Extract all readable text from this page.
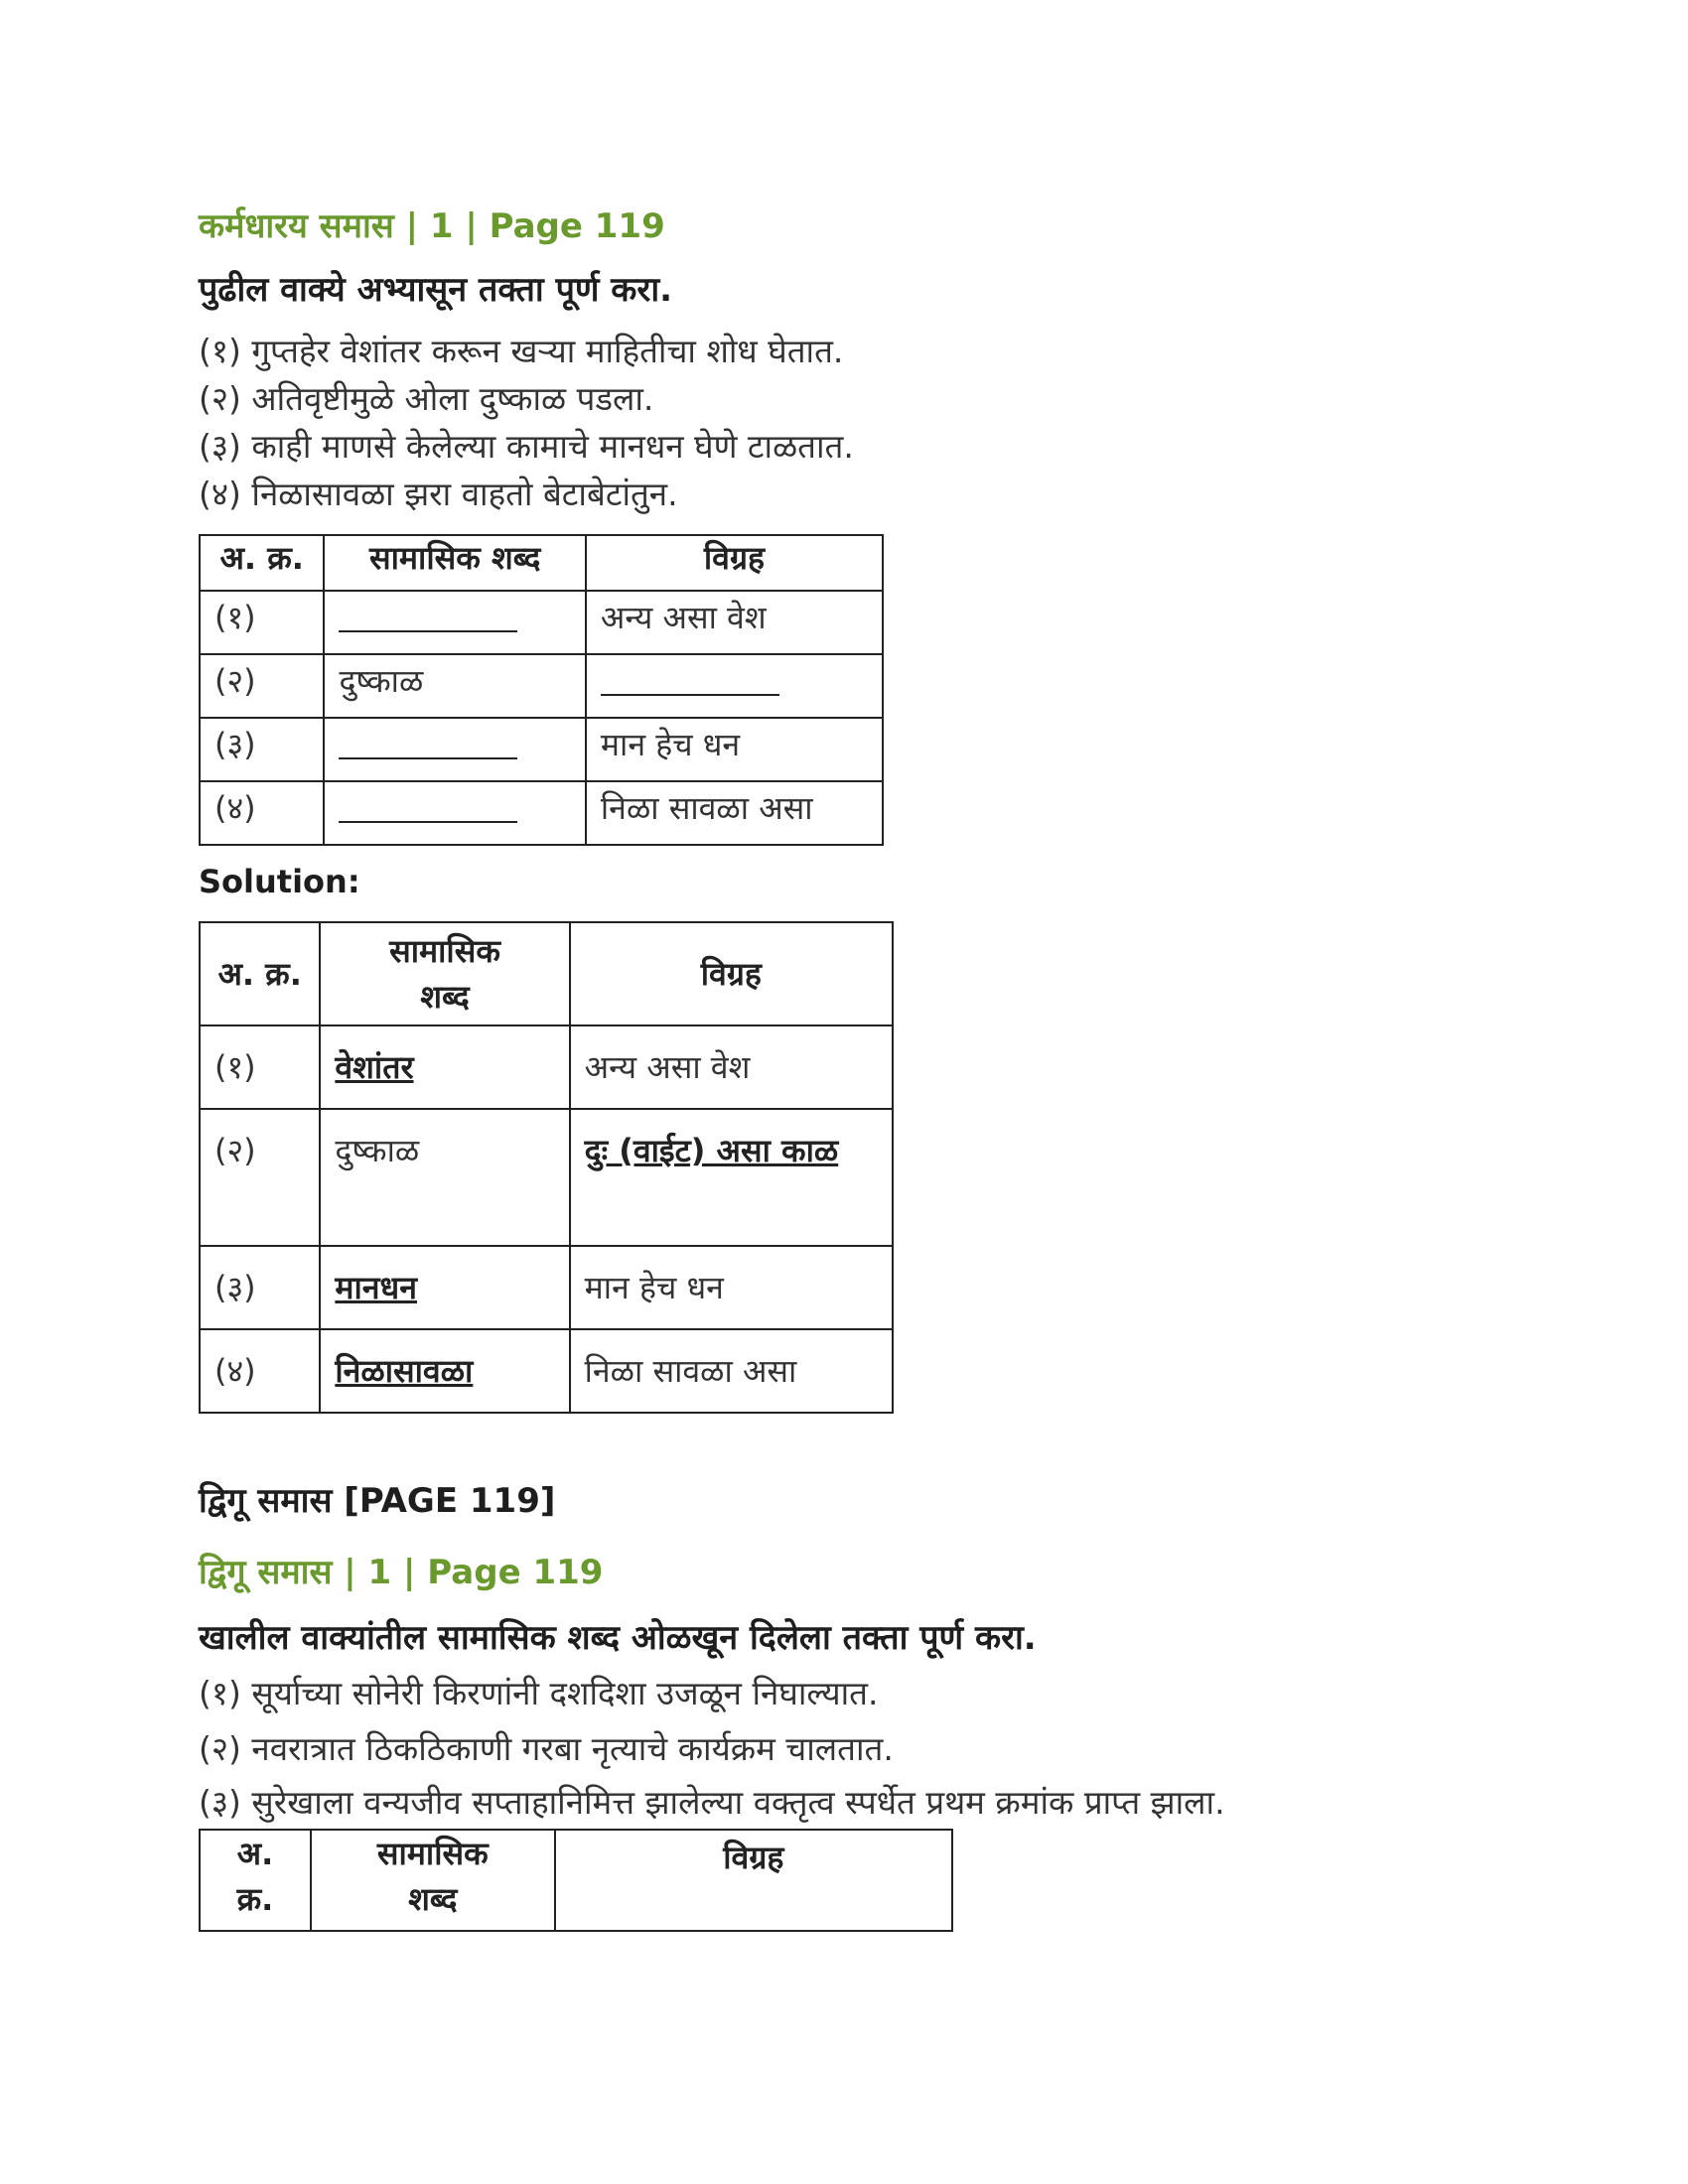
कर्मधारय समास | 1 | Page 119

पुढील वाक्ये अभ्यासून तक्ता पूर्ण करा.

(१) गुप्तहेर वेशांतर करून खऱ्या माहितीचा शोध घेतात.

(२) अतिवृष्टीमुळे ओला दुष्काळ पडला.

(३) काही माणसे केलेल्या कामाचे मानधन घेणे टाळतात.

(४) निळासावळा झरा वाहतो बेटाबेटांतुन.

अ. क्र.	सामासिक शब्द	विग्रह
(१)		अन्य असा वेश
(२)	दुष्काळ	
(३)		मान हेच धन
(४)		निळा सावळा असा

Solution:

अ. क्र.	सामासिक शब्द	विग्रह
(१)	वेशांतर	अन्य असा वेश
(२)	दुष्काळ	दुः (वाईट) असा काळ
(३)	मानधन	मान हेच धन
(४)	निळासावळा	निळा सावळा असा

द्विगू समास [PAGE 119]

द्विगू समास | 1 | Page 119

खालील वाक्यांतील सामासिक शब्द ओळखून दिलेला तक्ता पूर्ण करा.

(१) सूर्याच्या सोनेरी किरणांनी दशदिशा उजळून निघाल्यात.

(२) नवरात्रात ठिकठिकाणी गरबा नृत्याचे कार्यक्रम चालतात.

(३) सुरेखाला वन्यजीव सप्ताहानिमित्त झालेल्या वक्तृत्व स्पर्धेत प्रथम क्रमांक प्राप्त झाला.

अ. क्र.	सामासिक शब्द	विग्रह
